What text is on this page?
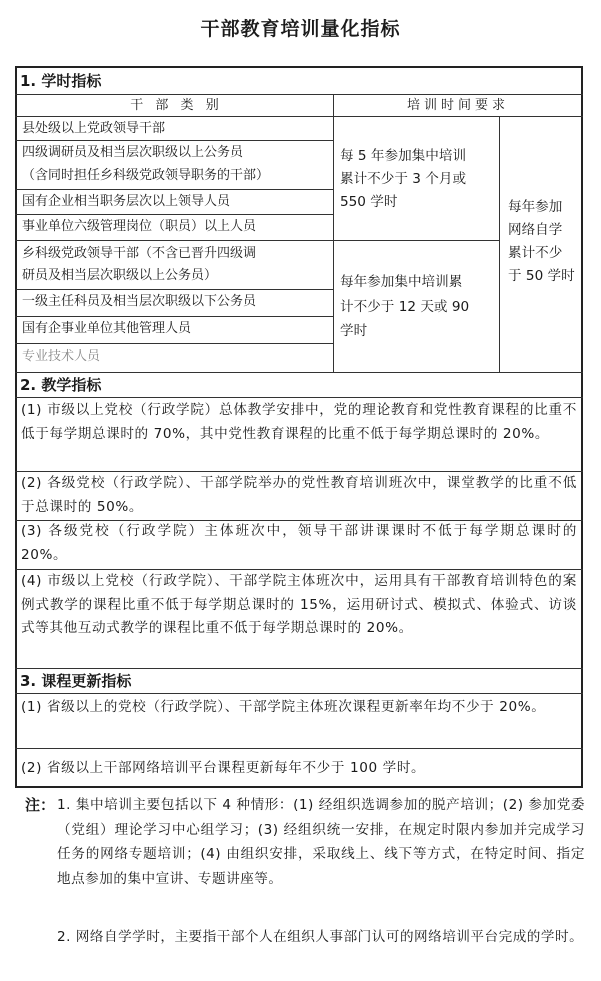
干部教育培训量化指标
1. 学时指标
干 部 类 别	培训时间要求
县处级以上党政领导干部
四级调研员及相当层次职级以上公务员
（含同时担任乡科级党政领导职务的干部）
国有企业相当职务层次以上领导人员
事业单位六级管理岗位（职员）以上人员
乡科级党政领导干部（不含已晋升四级调
研员及相当层次职级以上公务员）
一级主任科员及相当层次职级以下公务员
国有企事业单位其他管理人员
专业技术人员
每 5 年参加集中培训
累计不少于 3 个月或
550 学时
每年参加集中培训累
计不少于 12 天或 90
学时
每年参加
网络自学
累计不少
于 50 学时
2. 教学指标
(1) 市级以上党校（行政学院）总体教学安排中，党的理论教育和党性教育课程的比重不低于每学期总课时的 70%，其中党性教育课程的比重不低于每学期总课时的 20%。
(2) 各级党校（行政学院）、干部学院举办的党性教育培训班次中，课堂教学的比重不低于总课时的 50%。
(3) 各级党校（行政学院）主体班次中，领导干部讲课课时不低于每学期总课时的 20%。
(4) 市级以上党校（行政学院）、干部学院主体班次中，运用具有干部教育培训特色的案例式教学的课程比重不低于每学期总课时的 15%，运用研讨式、模拟式、体验式、访谈式等其他互动式教学的课程比重不低于每学期总课时的 20%。
3. 课程更新指标
(1) 省级以上的党校（行政学院）、干部学院主体班次课程更新率年均不少于 20%。
(2) 省级以上干部网络培训平台课程更新每年不少于 100 学时。
注： 1. 集中培训主要包括以下 4 种情形：(1) 经组织选调参加的脱产培训；(2) 参加党委（党组）理论学习中心组学习；(3) 经组织统一安排，在规定时限内参加并完成学习任务的网络专题培训；(4) 由组织安排，采取线上、线下等方式，在特定时间、指定地点参加的集中宣讲、专题讲座等。
2. 网络自学学时，主要指干部个人在组织人事部门认可的网络培训平台完成的学时。
